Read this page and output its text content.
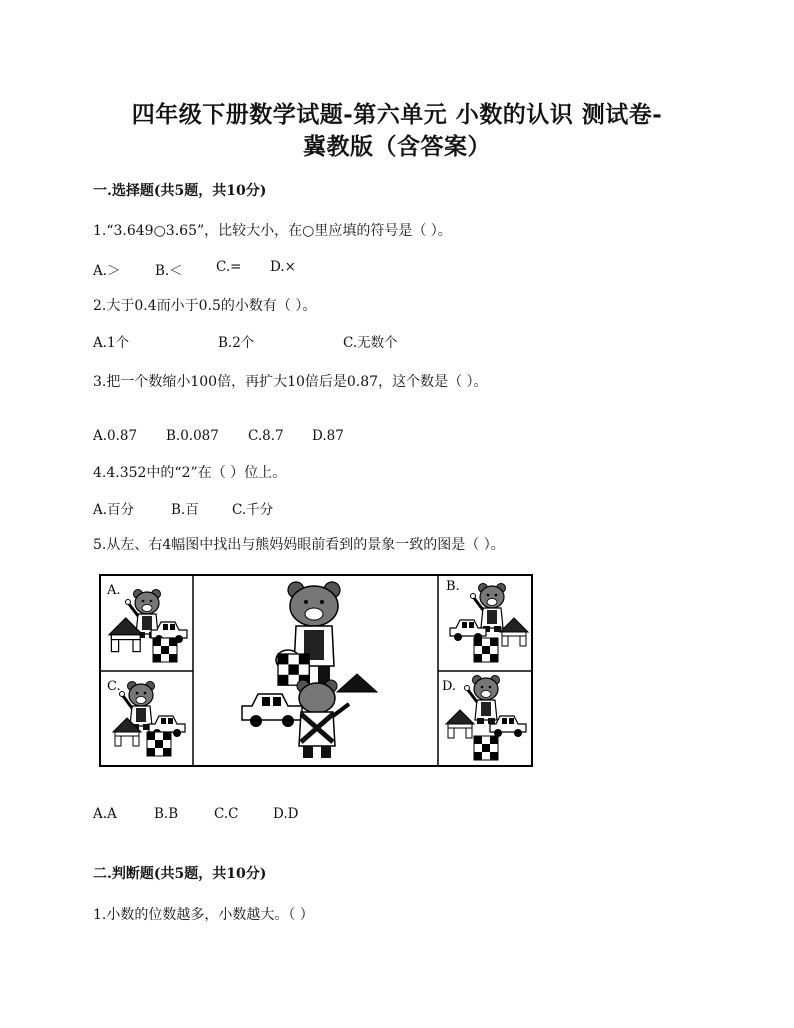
四年级下册数学试题-第六单元 小数的认识 测试卷-
冀教版（含答案）
一.选择题(共5题，共10分)
1.“3.649○3.65”，比较大小，在○里应填的符号是（ ）。
A.＞	B.＜ C.= D.×
2.大于0.4而小于0.5的小数有（ ）。
A.1个	B.2个	C.无数个
3.把一个数缩小100倍，再扩大10倍后是0.87，这个数是（ ）。
A.0.87 B.0.087 C.8.7 D.87
4.4.352中的“2”在（ ）位上。
A.百分	B.百 C.千分
5.从左、右4幅图中找出与熊妈妈眼前看到的景象一致的图是（ ）。
A.
C.
B.
D.
A.A	B.B	C.C	D.D
二.判断题(共5题，共10分)
1.小数的位数越多，小数越大。（ ）
